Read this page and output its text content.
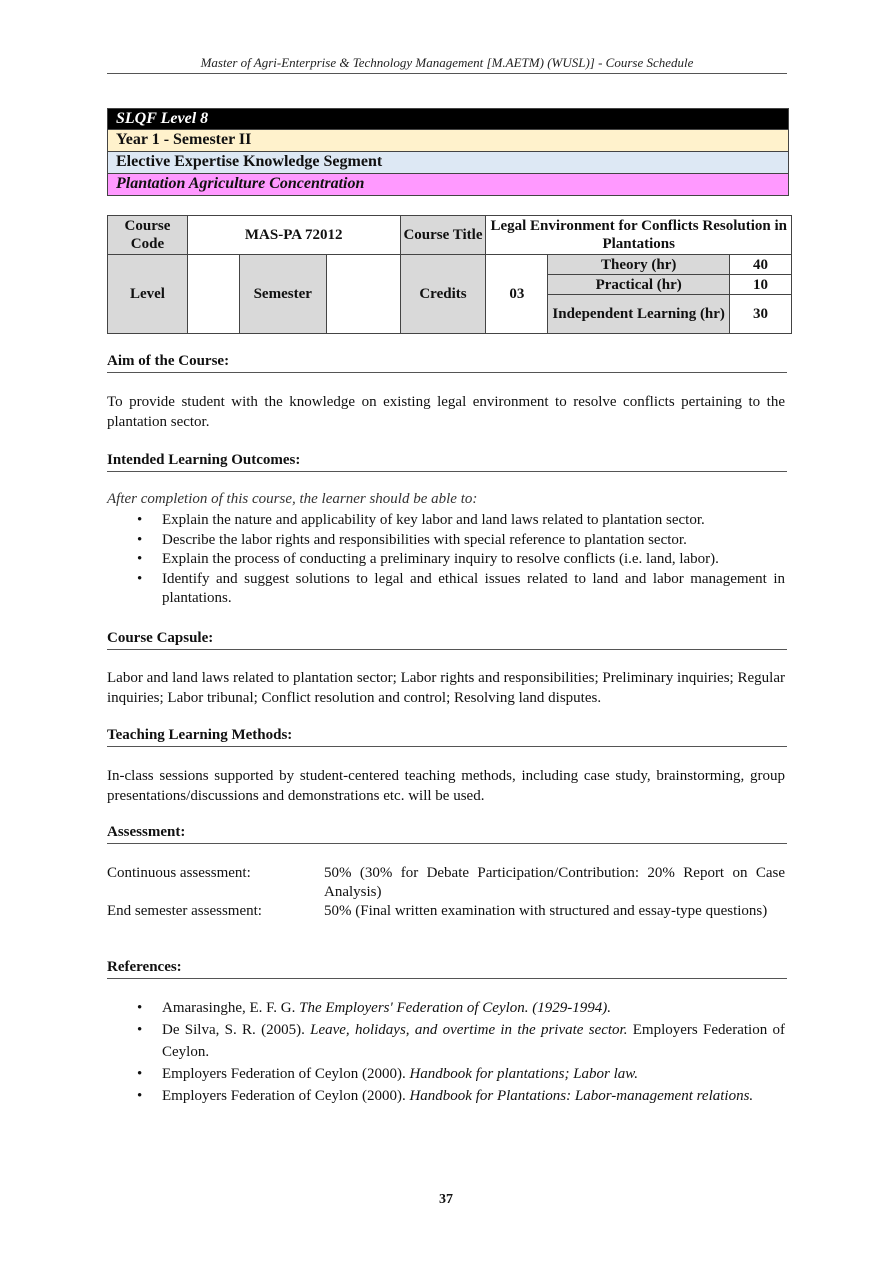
Master of Agri-Enterprise & Technology Management [M.AETM) (WUSL)] - Course Schedule
SLQF Level 8
Year 1 - Semester II
Elective Expertise Knowledge Segment
Plantation Agriculture Concentration
Course Code	MAS-PA 72012			Course Title	Legal Environment for Conflicts Resolution in Plantations		
Level		Semester		Credits	03	Theory (hr)	40
						Practical (hr)	10
						Independent Learning (hr)	30
Aim of the Course:
To provide student with the knowledge on existing legal environment to resolve conflicts pertaining to the plantation sector.
Intended Learning Outcomes:
After completion of this course, the learner should be able to:
• Explain the nature and applicability of key labor and land laws related to plantation sector.
• Describe the labor rights and responsibilities with special reference to plantation sector.
• Explain the process of conducting a preliminary inquiry to resolve conflicts (i.e. land, labor).
• Identify and suggest solutions to legal and ethical issues related to land and labor management in plantations.
Course Capsule:
Labor and land laws related to plantation sector; Labor rights and responsibilities; Preliminary inquiries; Regular inquiries; Labor tribunal; Conflict resolution and control; Resolving land disputes.
Teaching Learning Methods:
In-class sessions supported by student-centered teaching methods, including case study, brainstorming, group presentations/discussions and demonstrations etc. will be used.
Assessment:
Continuous assessment:	50% (30% for Debate Participation/Contribution: 20% Report on Case Analysis)
End semester assessment:	50% (Final written examination with structured and essay-type questions)
References:
• Amarasinghe, E. F. G. The Employers' Federation of Ceylon. (1929-1994).
• De Silva, S. R. (2005). Leave, holidays, and overtime in the private sector. Employers Federation of Ceylon.
• Employers Federation of Ceylon (2000). Handbook for plantations; Labor law.
• Employers Federation of Ceylon (2000). Handbook for Plantations: Labor-management relations.
37
